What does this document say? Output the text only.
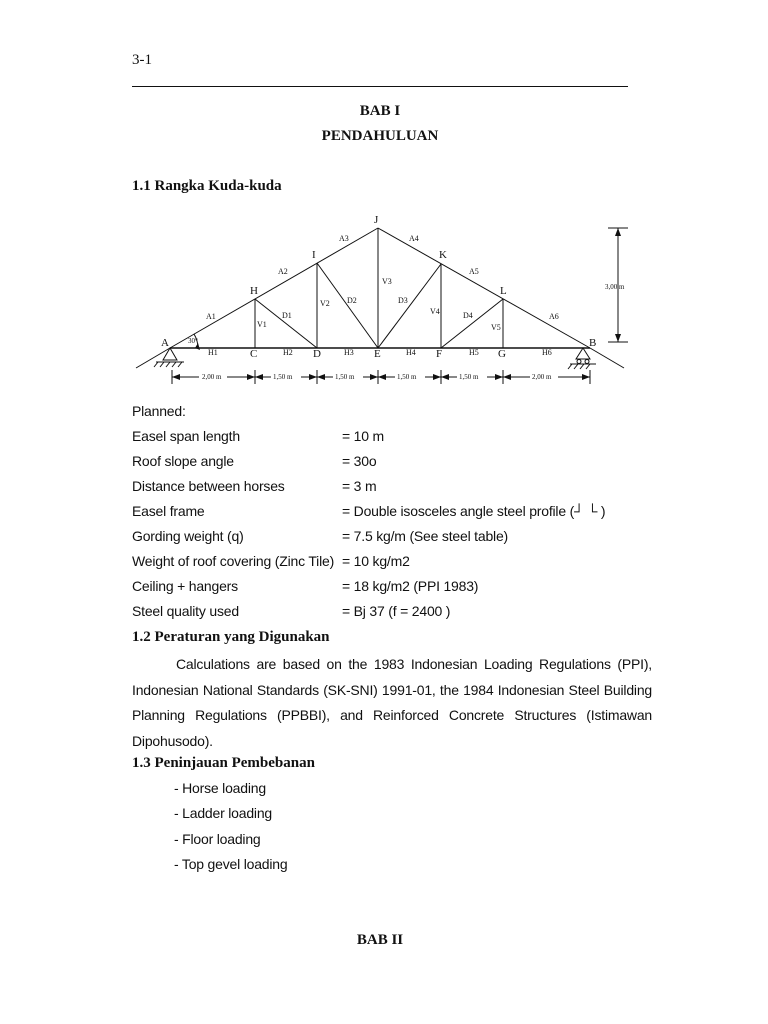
3-1
BAB I
PENDAHULUAN
1.1 Rangka Kuda-kuda
J
I	K
H	L
A	B
C	D	E	F	G
A1
A2
A3	A4
A5
A6
V1
V2
V3
V4
V5
D1
D2	D3
D4
H1	H2	H3	H4	H5	H6
30°
3,00 m
2,00 m	1,50 m	1,50 m	1,50 m	1,50 m	2,00 m
Planned:
Easel span length	= 10 m
Roof slope angle	= 30o
Distance between horses	= 3 m
Easel frame	= Double isosceles angle steel profile (┘ └ )
Gording weight (q)	= 7.5 kg/m (See steel table)
Weight of roof covering (Zinc Tile) = 10 kg/m2
Ceiling + hangers	= 18 kg/m2 (PPI 1983)
Steel quality used	= Bj 37 (f = 2400 )
1.2 Peraturan yang Digunakan
Calculations are based on the 1983 Indonesian Loading Regulations (PPI), Indonesian National Standards (SK-SNI) 1991-01, the 1984 Indonesian Steel Building Planning Regulations (PPBBI), and Reinforced Concrete Structures (Istimawan Dipohusodo).
1.3 Peninjauan Pembebanan
- Horse loading
- Ladder loading
- Floor loading
- Top gevel loading
BAB II
